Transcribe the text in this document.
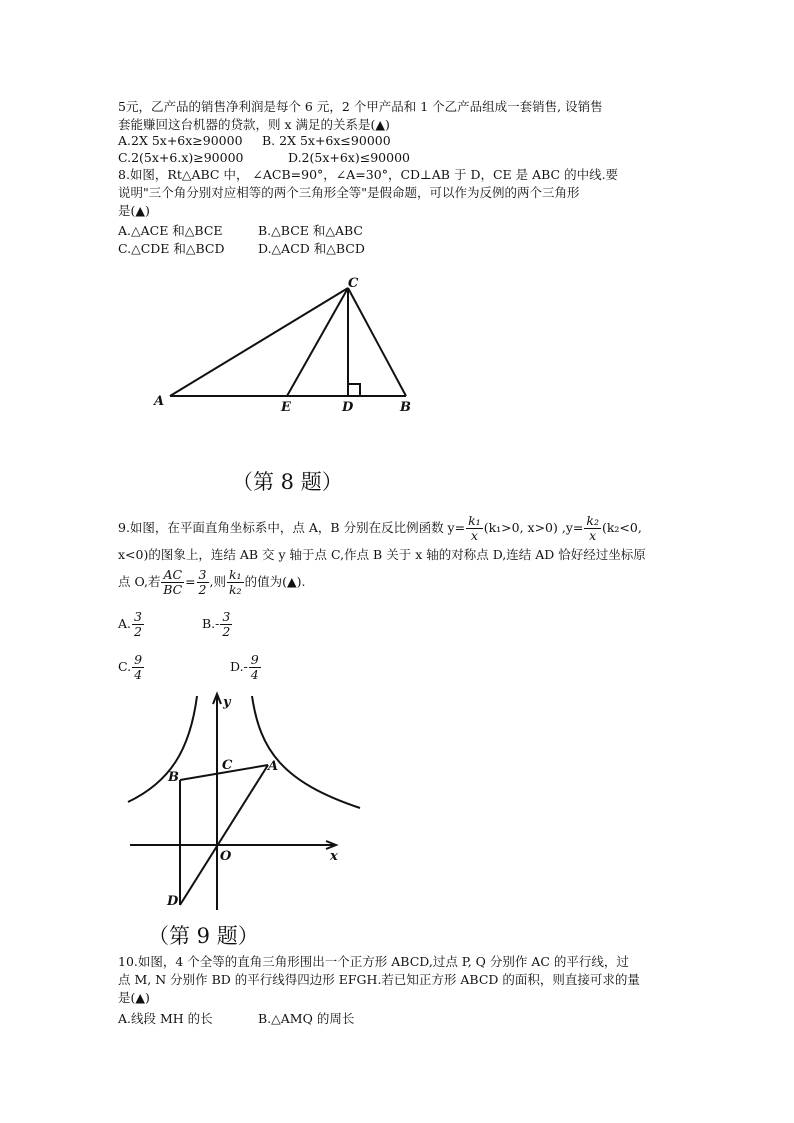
5元，乙产品的销售净利润是每个 6 元，2 个甲产品和 1 个乙产品组成一套销售, 设销售
套能赚回这台机器的贷款，则 x 满足的关系是(▲)
A.2X 5x+6x≥90000 B. 2X 5x+6x≤90000
C.2(5x+6.x)≥90000	D.2(5x+6x)≤90000
8.如图，Rt△ABC 中， ∠ACB=90°，∠A=30°，CD⊥AB 于 D，CE 是 ABC 的中线.要
说明"三个角分别对应相等的两个三角形全等"是假命题，可以作为反例的两个三角形
是(▲)
A.△ACE 和△BCE	B.△BCE 和△ABC
C.△CDE 和△BCD	D.△ACD 和△BCD
C
A	E	D	B
（第 8 题）
9.如图，在平面直角坐标系中，点 A，B 分别在反比例函数 $y= \frac{\text{k₁}}{x} (k_1>0$, x>0) $,y= \frac{\text{k₂}}{x} (k_2<0$,
x<0)的图象上，连结 AB 交 y 轴于点 C,作点 B 关于 x 轴的对称点 D,连结 AD 恰好经过坐标原
点 O,若 $\frac{AC}{BC} = \frac{3}{2}$ ,则 $\frac{\text{k₁}}{\text{k₂}}$ 的值为(▲).
A. $\frac{3}{2}$	$B.- \frac{3}{2}$
C. $\frac{9}{4}$	$D.- \frac{9}{4}$
y
x
O
A
B
C
D
（第 9 题）
10.如图，4 个全等的直角三角形围出一个正方形 ABCD,过点 P, Q 分别作 AC 的平行线，过
点 M, N 分别作 BD 的平行线得四边形 EFGH.若已知正方形 ABCD 的面积，则直接可求的量
是(▲)
A.线段 MH 的长	B.△AMQ 的周长
